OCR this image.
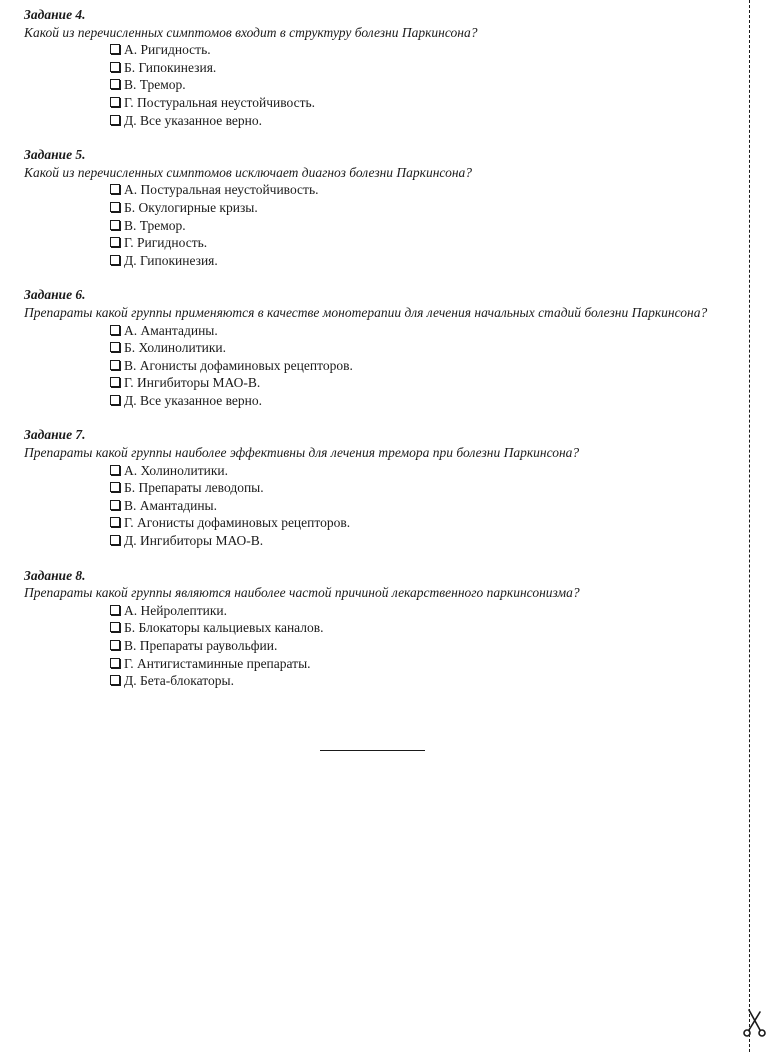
Задание 4.
Какой из перечисленных симптомов входит в структуру болезни Паркинсона?
А. Ригидность.
Б. Гипокинезия.
В. Тремор.
Г. Постуральная неустойчивость.
Д. Все указанное верно.
Задание 5.
Какой из перечисленных симптомов исключает диагноз болезни Паркинсона?
А. Постуральная неустойчивость.
Б. Окулогирные кризы.
В. Тремор.
Г. Ригидность.
Д. Гипокинезия.
Задание 6.
Препараты какой группы применяются в качестве монотерапии для лечения начальных стадий болезни Паркинсона?
А. Амантадины.
Б. Холинолитики.
В. Агонисты дофаминовых рецепторов.
Г. Ингибиторы МАО-В.
Д. Все указанное верно.
Задание 7.
Препараты какой группы наиболее эффективны для лечения тремора при болезни Паркинсона?
А. Холинолитики.
Б. Препараты леводопы.
В. Амантадины.
Г. Агонисты дофаминовых рецепторов.
Д. Ингибиторы МАО-В.
Задание 8.
Препараты какой группы являются наиболее частой причиной лекарственного паркинсонизма?
А. Нейролептики.
Б. Блокаторы кальциевых каналов.
В. Препараты раувольфии.
Г. Антигистаминные препараты.
Д. Бета-блокаторы.
